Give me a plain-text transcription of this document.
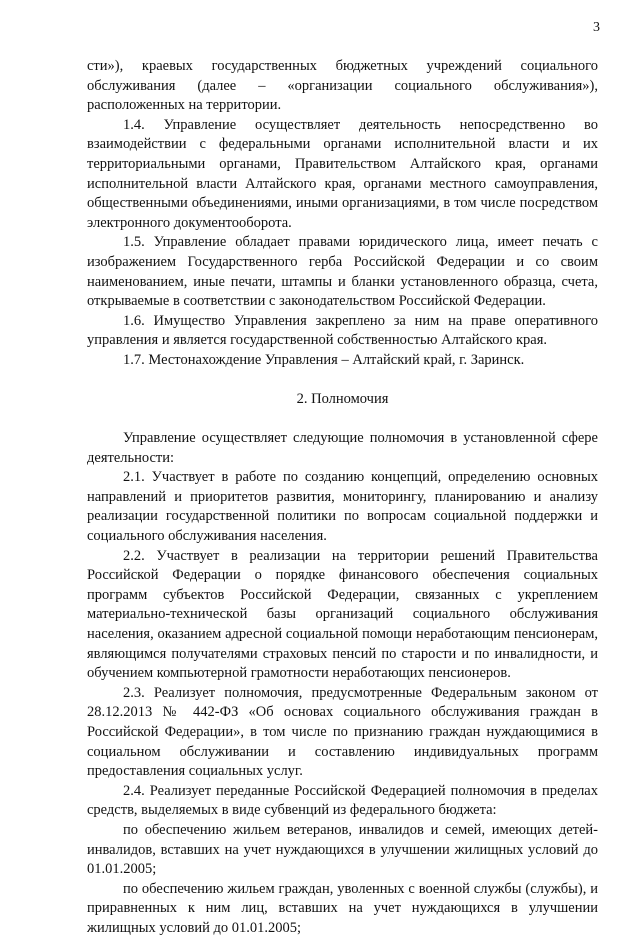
3

сти»), краевых государственных бюджетных учреждений социального обслуживания (далее – «организации социального обслуживания»), расположенных на территории.

1.4. Управление осуществляет деятельность непосредственно во взаимодействии с федеральными органами исполнительной власти и их территориальными органами, Правительством Алтайского края, органами исполнительной власти Алтайского края, органами местного самоуправления, общественными объединениями, иными организациями, в том числе посредством электронного документооборота.

1.5. Управление обладает правами юридического лица, имеет печать с изображением Государственного герба Российской Федерации и со своим наименованием, иные печати, штампы и бланки установленного образца, счета, открываемые в соответствии с законодательством Российской Федерации.

1.6. Имущество Управления закреплено за ним на праве оперативного управления и является государственной собственностью Алтайского края.

1.7. Местонахождение Управления – Алтайский край, г. Заринск.

2. Полномочия

Управление осуществляет следующие полномочия в установленной сфере деятельности:

2.1. Участвует в работе по созданию концепций, определению основных направлений и приоритетов развития, мониторингу, планированию и анализу реализации государственной политики по вопросам социальной поддержки и социального обслуживания населения.

2.2. Участвует в реализации на территории решений Правительства Российской Федерации о порядке финансового обеспечения социальных программ субъектов Российской Федерации, связанных с укреплением материально-технической базы организаций социального обслуживания населения, оказанием адресной социальной помощи неработающим пенсионерам, являющимся получателями страховых пенсий по старости и по инвалидности, и обучением компьютерной грамотности неработающих пенсионеров.

2.3. Реализует полномочия, предусмотренные Федеральным законом от 28.12.2013 № 442-ФЗ «Об основах социального обслуживания граждан в Российской Федерации», в том числе по признанию граждан нуждающимися в социальном обслуживании и составлению индивидуальных программ предоставления социальных услуг.

2.4. Реализует переданные Российской Федерацией полномочия в пределах средств, выделяемых в виде субвенций из федерального бюджета:

по обеспечению жильем ветеранов, инвалидов и семей, имеющих детей-инвалидов, вставших на учет нуждающихся в улучшении жилищных условий до 01.01.2005;

по обеспечению жильем граждан, уволенных с военной службы (службы), и приравненных к ним лиц, вставших на учет нуждающихся в улучшении жилищных условий до 01.01.2005;
